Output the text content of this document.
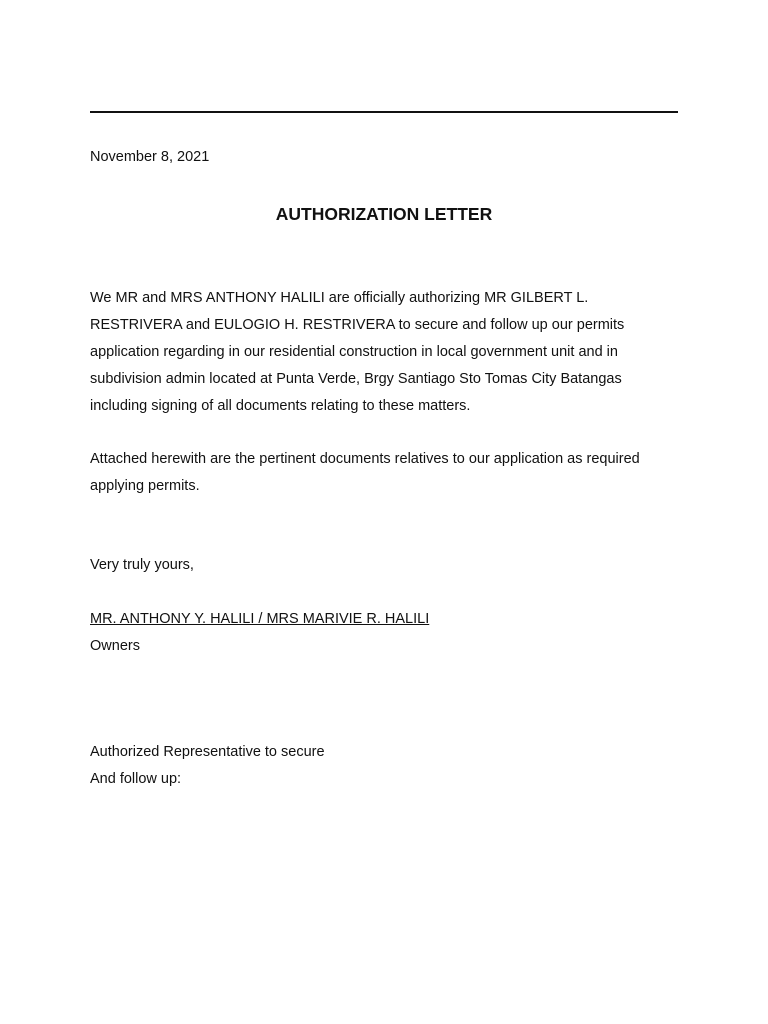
November 8, 2021

AUTHORIZATION LETTER

We MR and MRS ANTHONY HALILI are officially authorizing MR GILBERT L. RESTRIVERA and EULOGIO H. RESTRIVERA to secure and follow up our permits application regarding in our residential construction in local government unit and in subdivision admin located at Punta Verde, Brgy Santiago Sto Tomas City Batangas including signing of all documents relating to these matters.

Attached herewith are the pertinent documents relatives to our application as required applying permits.

Very truly yours,

MR. ANTHONY Y. HALILI / MRS MARIVIE R. HALILI

Owners

Authorized Representative to secure

And follow up:
